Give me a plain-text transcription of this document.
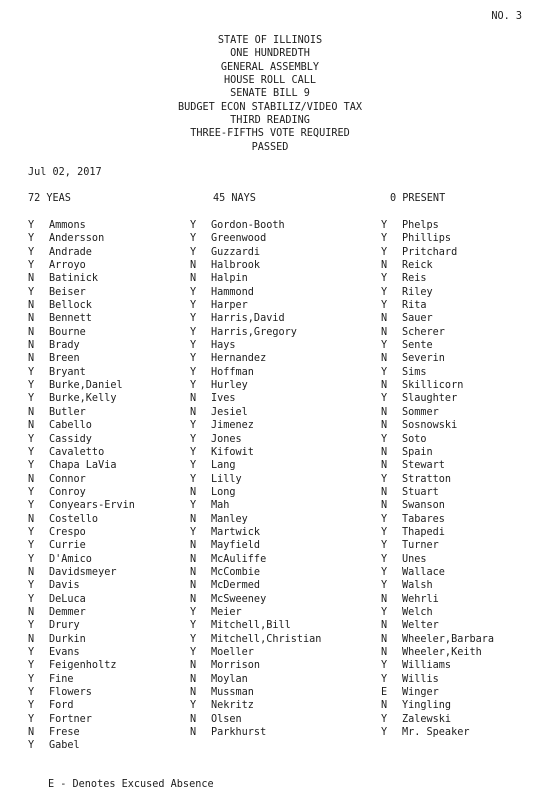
NO. 3
STATE OF ILLINOIS
ONE HUNDREDTH
GENERAL ASSEMBLY
HOUSE ROLL CALL
SENATE BILL 9
BUDGET ECON STABILIZ/VIDEO TAX
THIRD READING
THREE-FIFTHS VOTE REQUIRED
PASSED
Jul 02, 2017
72 YEAS	45 NAYS	0 PRESENT
Y Ammons
Y Andersson
Y Andrade
Y Arroyo
N Batinick
Y Beiser
N Bellock
N Bennett
N Bourne
N Brady
N Breen
Y Bryant
Y Burke,Daniel
Y Burke,Kelly
N Butler
N Cabello
Y Cassidy
Y Cavaletto
Y Chapa LaVia
N Connor
Y Conroy
Y Conyears-Ervin
N Costello
Y Crespo
Y Currie
Y D'Amico
N Davidsmeyer
Y Davis
Y DeLuca
N Demmer
Y Drury
N Durkin
Y Evans
Y Feigenholtz
Y Fine
Y Flowers
Y Ford
Y Fortner
N Frese
Y Gabel
Y Gordon-Booth
Y Greenwood
Y Guzzardi
N Halbrook
N Halpin
Y Hammond
Y Harper
Y Harris,David
Y Harris,Gregory
Y Hays
Y Hernandez
Y Hoffman
Y Hurley
N Ives
N Jesiel
Y Jimenez
Y Jones
Y Kifowit
Y Lang
Y Lilly
N Long
Y Mah
N Manley
Y Martwick
N Mayfield
N McAuliffe
N McCombie
N McDermed
N McSweeney
Y Meier
Y Mitchell,Bill
Y Mitchell,Christian
Y Moeller
N Morrison
N Moylan
N Mussman
Y Nekritz
N Olsen
N Parkhurst
Y Phelps
Y Phillips
Y Pritchard
N Reick
Y Reis
Y Riley
Y Rita
N Sauer
N Scherer
Y Sente
N Severin
Y Sims
N Skillicorn
Y Slaughter
N Sommer
N Sosnowski
Y Soto
N Spain
N Stewart
Y Stratton
N Stuart
N Swanson
Y Tabares
Y Thapedi
Y Turner
Y Unes
Y Wallace
Y Walsh
N Wehrli
Y Welch
N Welter
N Wheeler,Barbara
N Wheeler,Keith
Y Williams
Y Willis
E Winger
N Yingling
Y Zalewski
Y Mr. Speaker
E - Denotes Excused Absence
